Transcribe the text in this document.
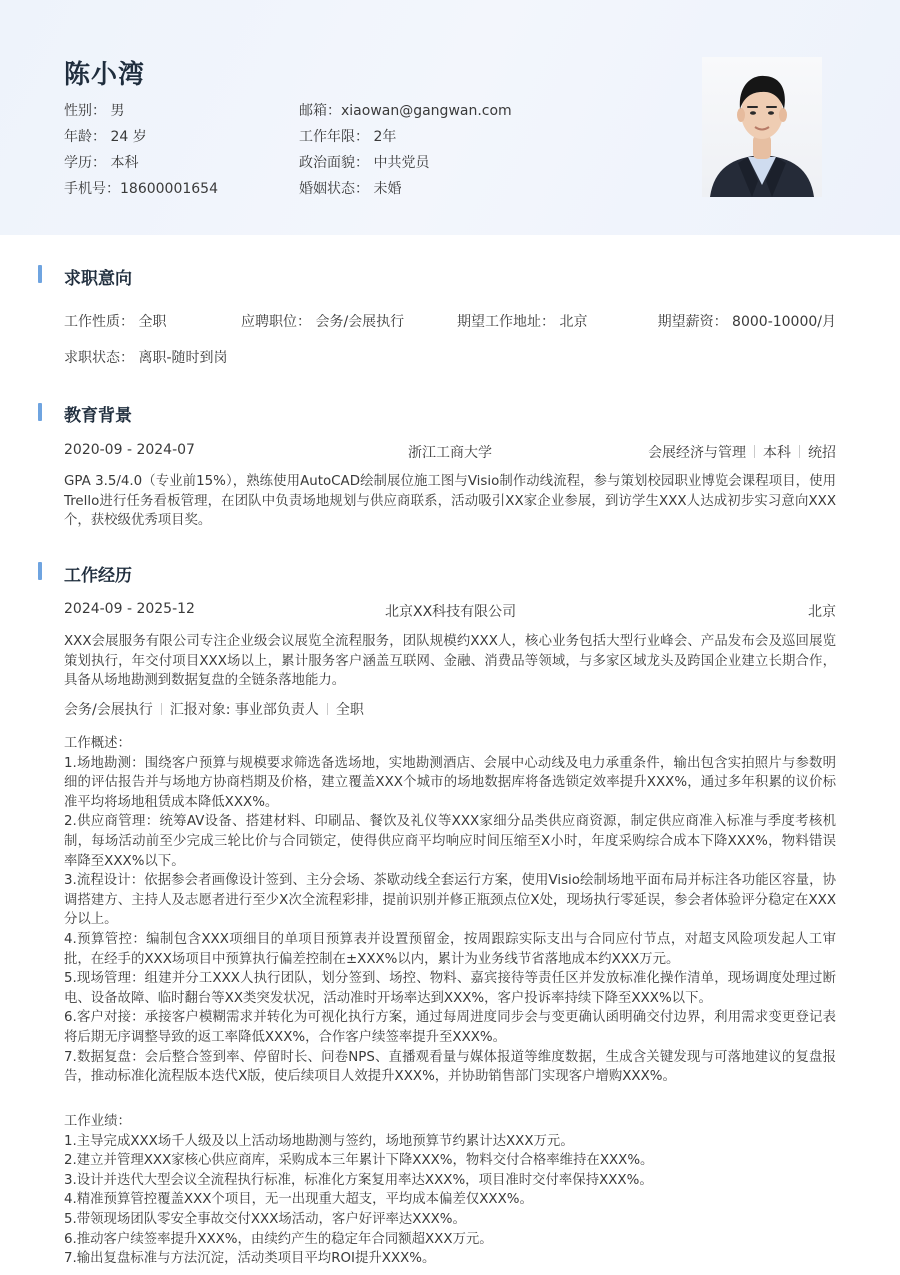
陈小湾
性别： 男	邮箱：xiaowan@gangwan.com
年龄： 24 岁	工作年限： 2年
学历： 本科	政治面貌： 中共党员
手机号：18600001654	婚姻状态： 未婚
求职意向
工作性质： 全职	应聘职位： 会务/会展执行	期望工作地址： 北京	期望薪资： 8000-10000/月
求职状态： 离职-随时到岗
教育背景
2020-09 - 2024-07	浙江工商大学	会展经济与管理 本科 统招
GPA 3.5/4.0（专业前15%），熟练使用AutoCAD绘制展位施工图与Visio制作动线流程，参与策划校园职业博览会课程项目，使用Trello进行任务看板管理，在团队中负责场地规划与供应商联系，活动吸引XX家企业参展，到访学生XXX人达成初步实习意向XXX个，获校级优秀项目奖。
工作经历
2024-09 - 2025-12	北京XX科技有限公司	北京
XXX会展服务有限公司专注企业级会议展览全流程服务，团队规模约XXX人，核心业务包括大型行业峰会、产品发布会及巡回展览策划执行，年交付项目XXX场以上，累计服务客户涵盖互联网、金融、消费品等领域，与多家区域龙头及跨国企业建立长期合作，具备从场地勘测到数据复盘的全链条落地能力。
会务/会展执行 汇报对象: 事业部负责人 全职
工作概述：
1.场地勘测：围绕客户预算与规模要求筛选备选场地，实地勘测酒店、会展中心动线及电力承重条件，输出包含实拍照片与参数明细的评估报告并与场地方协商档期及价格，建立覆盖XXX个城市的场地数据库将备选锁定效率提升XXX%，通过多年积累的议价标准平均将场地租赁成本降低XXX%。
2.供应商管理：统筹AV设备、搭建材料、印刷品、餐饮及礼仪等XXX家细分品类供应商资源，制定供应商准入标准与季度考核机制，每场活动前至少完成三轮比价与合同锁定，使得供应商平均响应时间压缩至X小时，年度采购综合成本下降XXX%，物料错误率降至XXX%以下。
3.流程设计：依据参会者画像设计签到、主分会场、茶歇动线全套运行方案，使用Visio绘制场地平面布局并标注各功能区容量，协调搭建方、主持人及志愿者进行至少X次全流程彩排，提前识别并修正瓶颈点位X处，现场执行零延误，参会者体验评分稳定在XXX分以上。
4.预算管控：编制包含XXX项细目的单项目预算表并设置预留金，按周跟踪实际支出与合同应付节点，对超支风险项发起人工审批，在经手的XXX场项目中预算执行偏差控制在±XXX%以内，累计为业务线节省落地成本约XXX万元。
5.现场管理：组建并分工XXX人执行团队，划分签到、场控、物料、嘉宾接待等责任区并发放标准化操作清单，现场调度处理过断电、设备故障、临时翻台等XX类突发状况，活动准时开场率达到XXX%，客户投诉率持续下降至XXX%以下。
6.客户对接：承接客户模糊需求并转化为可视化执行方案，通过每周进度同步会与变更确认函明确交付边界，利用需求变更登记表将后期无序调整导致的返工率降低XXX%，合作客户续签率提升至XXX%。
7.数据复盘：会后整合签到率、停留时长、问卷NPS、直播观看量与媒体报道等维度数据，生成含关键发现与可落地建议的复盘报告，推动标准化流程版本迭代X版，使后续项目人效提升XXX%，并协助销售部门实现客户增购XXX%。
工作业绩：
1.主导完成XXX场千人级及以上活动场地勘测与签约，场地预算节约累计达XXX万元。
2.建立并管理XXX家核心供应商库，采购成本三年累计下降XXX%，物料交付合格率维持在XXX%。
3.设计并迭代大型会议全流程执行标准，标准化方案复用率达XXX%，项目准时交付率保持XXX%。
4.精准预算管控覆盖XXX个项目，无一出现重大超支，平均成本偏差仅XXX%。
5.带领现场团队零安全事故交付XXX场活动，客户好评率达XXX%。
6.推动客户续签率提升XXX%，由续约产生的稳定年合同额超XXX万元。
7.输出复盘标准与方法沉淀，活动类项目平均ROI提升XXX%。
